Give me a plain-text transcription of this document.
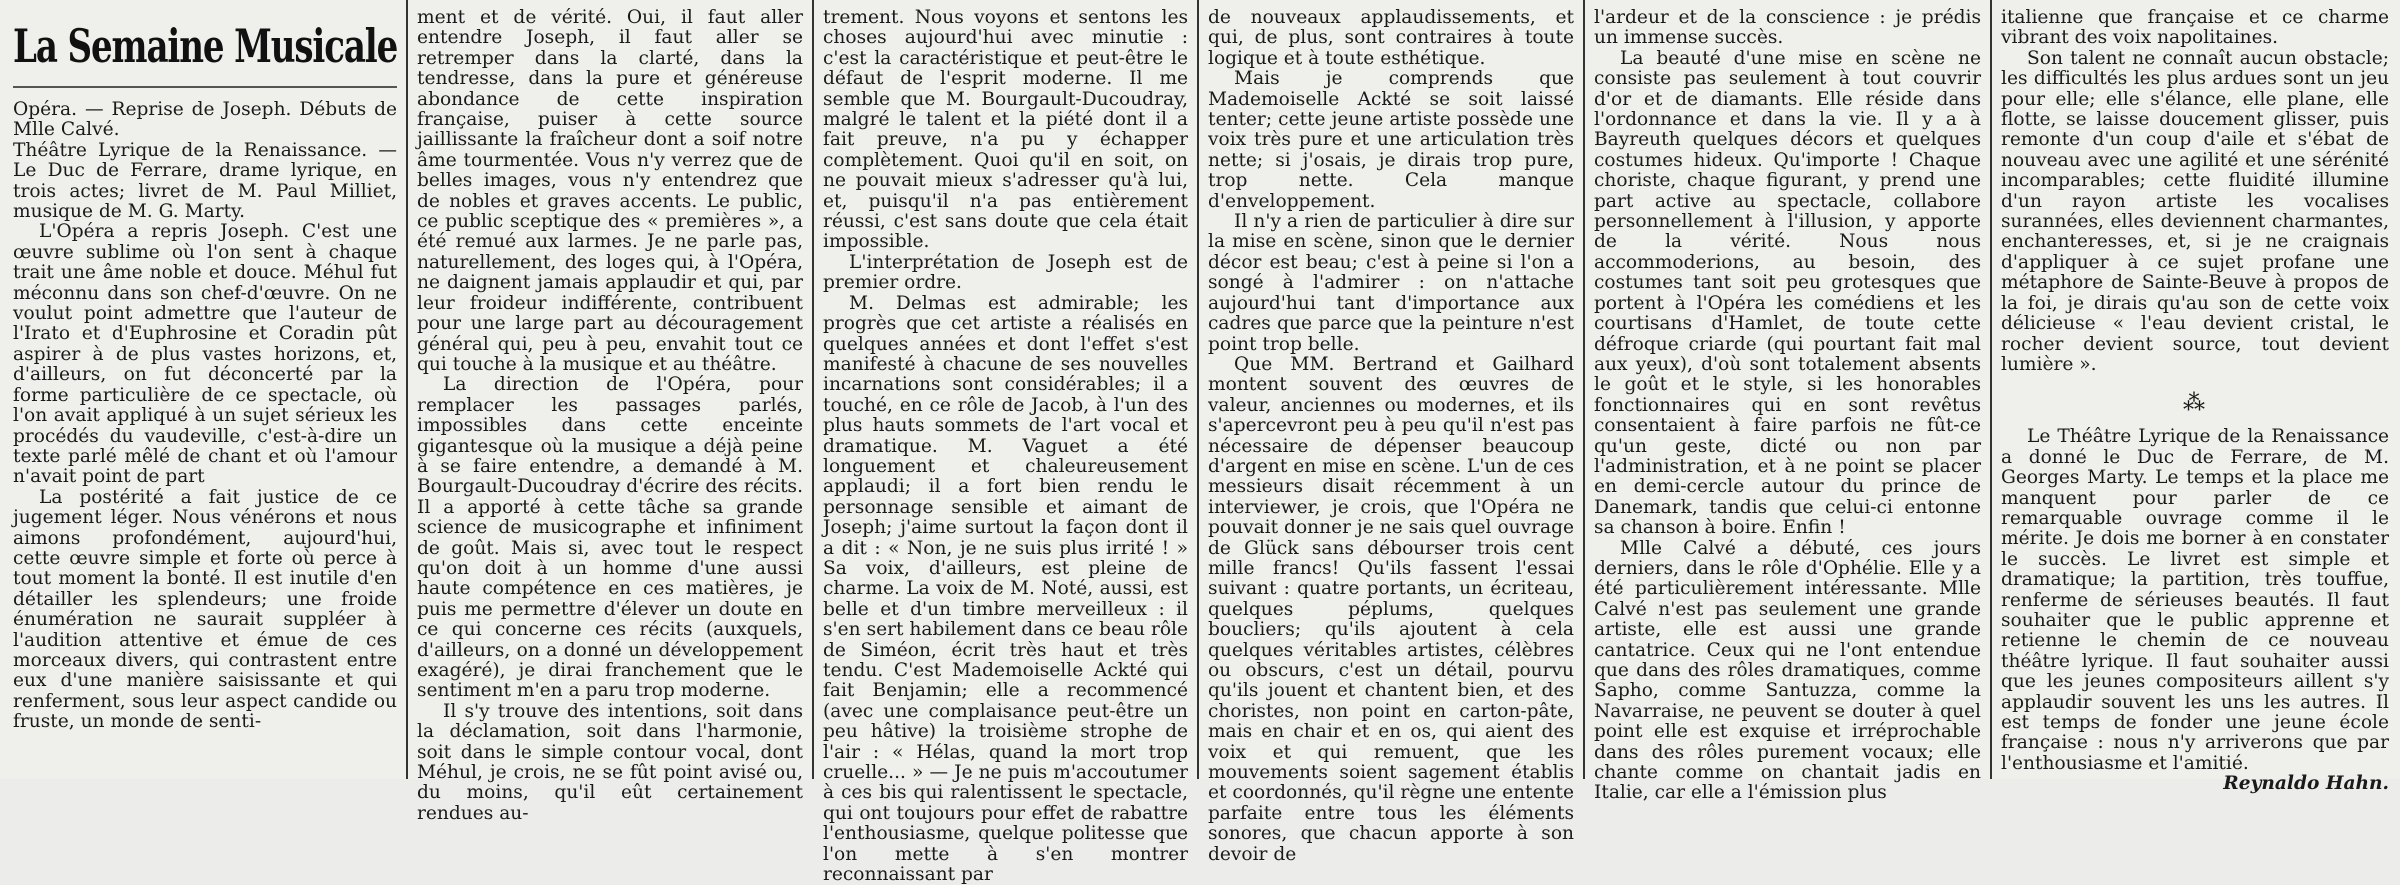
La Semaine Musicale

Opéra. — Reprise de Joseph. Débuts de Mlle Calvé.

Théâtre Lyrique de la Renaissance. — Le Duc de Ferrare, drame lyrique, en trois actes; livret de M. Paul Milliet, musique de M. G. Marty.

L'Opéra a repris Joseph. C'est une œuvre sublime où l'on sent à chaque trait une âme noble et douce. Méhul fut méconnu dans son chef-d'œuvre. On ne voulut point admettre que l'auteur de l'Irato et d'Euphrosine et Coradin pût aspirer à de plus vastes horizons, et, d'ailleurs, on fut déconcerté par la forme particulière de ce spectacle, où l'on avait appliqué à un sujet sérieux les procédés du vaudeville, c'est-à-dire un texte parlé mêlé de chant et où l'amour n'avait point de part

La postérité a fait justice de ce jugement léger. Nous vénérons et nous aimons profondément, aujourd'hui, cette œuvre simple et forte où perce à tout moment la bonté. Il est inutile d'en détailler les splendeurs; une froide énumération ne saurait suppléer à l'audition attentive et émue de ces morceaux divers, qui contrastent entre eux d'une manière saisissante et qui renferment, sous leur aspect candide ou fruste, un monde de senti-

ment et de vérité. Oui, il faut aller entendre Joseph, il faut aller se retremper dans la clarté, dans la tendresse, dans la pure et généreuse abondance de cette inspiration française, puiser à cette source jaillissante la fraîcheur dont a soif notre âme tourmentée. Vous n'y verrez que de belles images, vous n'y entendrez que de nobles et graves accents. Le public, ce public sceptique des « premières », a été remué aux larmes. Je ne parle pas, naturellement, des loges qui, à l'Opéra, ne daignent jamais applaudir et qui, par leur froideur indifférente, contribuent pour une large part au découragement général qui, peu à peu, envahit tout ce qui touche à la musique et au théâtre.

La direction de l'Opéra, pour remplacer les passages parlés, impossibles dans cette enceinte gigantesque où la musique a déjà peine à se faire entendre, a demandé à M. Bourgault-Ducoudray d'écrire des récits. Il a apporté à cette tâche sa grande science de musicographe et infiniment de goût. Mais si, avec tout le respect qu'on doit à un homme d'une aussi haute compétence en ces matières, je puis me permettre d'élever un doute en ce qui concerne ces récits (auxquels, d'ailleurs, on a donné un développement exagéré), je dirai franchement que le sentiment m'en a paru trop moderne.

Il s'y trouve des intentions, soit dans la déclamation, soit dans l'harmonie, soit dans le simple contour vocal, dont Méhul, je crois, ne se fût point avisé ou, du moins, qu'il eût certainement rendues au-

trement. Nous voyons et sentons les choses aujourd'hui avec minutie : c'est la caractéristique et peut-être le défaut de l'esprit moderne. Il me semble que M. Bourgault-Ducoudray, malgré le talent et la piété dont il a fait preuve, n'a pu y échapper complètement. Quoi qu'il en soit, on ne pouvait mieux s'adresser qu'à lui, et, puisqu'il n'a pas entièrement réussi, c'est sans doute que cela était impossible.

L'interprétation de Joseph est de premier ordre.

M. Delmas est admirable; les progrès que cet artiste a réalisés en quelques années et dont l'effet s'est manifesté à chacune de ses nouvelles incarnations sont considérables; il a touché, en ce rôle de Jacob, à l'un des plus hauts sommets de l'art vocal et dramatique. M. Vaguet a été longuement et chaleureusement applaudi; il a fort bien rendu le personnage sensible et aimant de Joseph; j'aime surtout la façon dont il a dit : « Non, je ne suis plus irrité ! » Sa voix, d'ailleurs, est pleine de charme. La voix de M. Noté, aussi, est belle et d'un timbre merveilleux : il s'en sert habilement dans ce beau rôle de Siméon, écrit très haut et très tendu. C'est Mademoiselle Ackté qui fait Benjamin; elle a recommencé (avec une complaisance peut-être un peu hâtive) la troisième strophe de l'air : « Hélas, quand la mort trop cruelle... » — Je ne puis m'accoutumer à ces bis qui ralentissent le spectacle, qui ont toujours pour effet de rabattre l'enthousiasme, quelque politesse que l'on mette à s'en montrer reconnaissant par

de nouveaux applaudissements, et qui, de plus, sont contraires à toute logique et à toute esthétique.

Mais je comprends que Mademoiselle Ackté se soit laissé tenter; cette jeune artiste possède une voix très pure et une articulation très nette; si j'osais, je dirais trop pure, trop nette. Cela manque d'enveloppement.

Il n'y a rien de particulier à dire sur la mise en scène, sinon que le dernier décor est beau; c'est à peine si l'on a songé à l'admirer : on n'attache aujourd'hui tant d'importance aux cadres que parce que la peinture n'est point trop belle.

Que MM. Bertrand et Gailhard montent souvent des œuvres de valeur, anciennes ou modernes, et ils s'apercevront peu à peu qu'il n'est pas nécessaire de dépenser beaucoup d'argent en mise en scène. L'un de ces messieurs disait récemment à un interviewer, je crois, que l'Opéra ne pouvait donner je ne sais quel ouvrage de Glück sans débourser trois cent mille francs! Qu'ils fassent l'essai suivant : quatre portants, un écriteau, quelques péplums, quelques boucliers; qu'ils ajoutent à cela quelques véritables artistes, célèbres ou obscurs, c'est un détail, pourvu qu'ils jouent et chantent bien, et des choristes, non point en carton-pâte, mais en chair et en os, qui aient des voix et qui remuent, que les mouvements soient sagement établis et coordonnés, qu'il règne une entente parfaite entre tous les éléments sonores, que chacun apporte à son devoir de

l'ardeur et de la conscience : je prédis un immense succès.

La beauté d'une mise en scène ne consiste pas seulement à tout couvrir d'or et de diamants. Elle réside dans l'ordonnance et dans la vie. Il y a à Bayreuth quelques décors et quelques costumes hideux. Qu'importe ! Chaque choriste, chaque figurant, y prend une part active au spectacle, collabore personnellement à l'illusion, y apporte de la vérité. Nous nous accommoderions, au besoin, des costumes tant soit peu grotesques que portent à l'Opéra les comédiens et les courtisans d'Hamlet, de toute cette défroque criarde (qui pourtant fait mal aux yeux), d'où sont totalement absents le goût et le style, si les honorables fonctionnaires qui en sont revêtus consentaient à faire parfois ne fût-ce qu'un geste, dicté ou non par l'administration, et à ne point se placer en demi-cercle autour du prince de Danemark, tandis que celui-ci entonne sa chanson à boire. Enfin !

Mlle Calvé a débuté, ces jours derniers, dans le rôle d'Ophélie. Elle y a été particulièrement intéressante. Mlle Calvé n'est pas seulement une grande artiste, elle est aussi une grande cantatrice. Ceux qui ne l'ont entendue que dans des rôles dramatiques, comme Sapho, comme Santuzza, comme la Navarraise, ne peuvent se douter à quel point elle est exquise et irréprochable dans des rôles purement vocaux; elle chante comme on chantait jadis en Italie, car elle a l'émission plus

italienne que française et ce charme vibrant des voix napolitaines.

Son talent ne connaît aucun obstacle; les difficultés les plus ardues sont un jeu pour elle; elle s'élance, elle plane, elle flotte, se laisse doucement glisser, puis remonte d'un coup d'aile et s'ébat de nouveau avec une agilité et une sérénité incomparables; cette fluidité illumine d'un rayon artiste les vocalises surannées, elles deviennent charmantes, enchanteresses, et, si je ne craignais d'appliquer à ce sujet profane une métaphore de Sainte-Beuve à propos de la foi, je dirais qu'au son de cette voix délicieuse « l'eau devient cristal, le rocher devient source, tout devient lumière ».

⁂

Le Théâtre Lyrique de la Renaissance a donné le Duc de Ferrare, de M. Georges Marty. Le temps et la place me manquent pour parler de ce remarquable ouvrage comme il le mérite. Je dois me borner à en constater le succès. Le livret est simple et dramatique; la partition, très touffue, renferme de sérieuses beautés. Il faut souhaiter que le public apprenne et retienne le chemin de ce nouveau théâtre lyrique. Il faut souhaiter aussi que les jeunes compositeurs aillent s'y applaudir souvent les uns les autres. Il est temps de fonder une jeune école française : nous n'y arriverons que par l'enthousiasme et l'amitié.

Reynaldo Hahn.
